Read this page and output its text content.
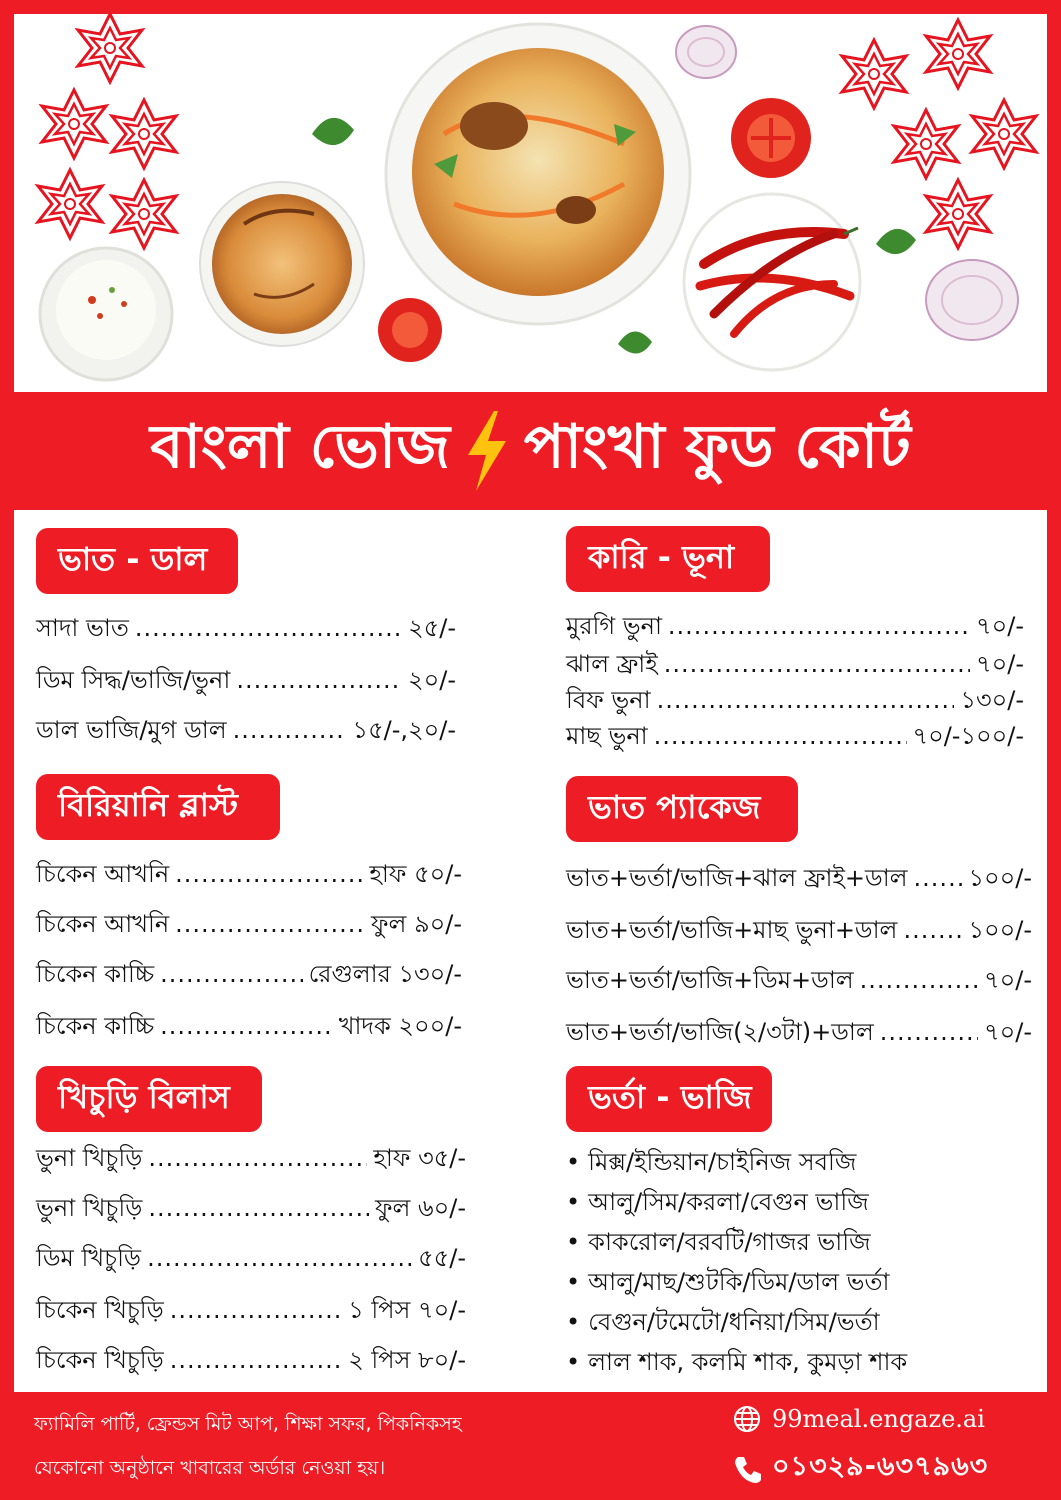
বাংলা ভোজ পাংখা ফুড কোর্ট
ভাত - ডাল
সাদা ভাত .....	২৫/-
ডিম সিদ্ধ/ভাজি/ভুনা .....	২০/-
ডাল ভাজি/মুগ ডাল .....	১৫/-,২০/-
বিরিয়ানি ব্লাস্ট
চিকেন আখনি .....	হাফ ৫০/-
চিকেন আখনি .....	ফুল ৯০/-
চিকেন কাচ্চি .....	রেগুলার ১৩০/-
চিকেন কাচ্চি .....	খাদক ২০০/-
খিচুড়ি বিলাস
ভুনা খিচুড়ি .....	হাফ ৩৫/-
ভুনা খিচুড়ি .....	ফুল ৬০/-
ডিম খিচুড়ি .....	৫৫/-
চিকেন খিচুড়ি .....	১ পিস ৭০/-
চিকেন খিচুড়ি .....	২ পিস ৮০/-
কারি - ভূনা
মুরগি ভুনা .....	৭০/-
ঝাল ফ্রাই .....	৭০/-
বিফ ভুনা .....	১৩০/-
মাছ ভুনা .....	৭০/-১০০/-
ভাত প্যাকেজ
ভাত+ভর্তা/ভাজি+ঝাল ফ্রাই+ডাল .....	১০০/-
ভাত+ভর্তা/ভাজি+মাছ ভুনা+ডাল .....	১০০/-
ভাত+ভর্তা/ভাজি+ডিম+ডাল .....	৭০/-
ভাত+ভর্তা/ভাজি(২/৩টা)+ডাল .....	৭০/-
ভর্তা - ভাজি
• মিক্স/ইন্ডিয়ান/চাইনিজ সবজি
• আলু/সিম/করলা/বেগুন ভাজি
• কাকরোল/বরবটি/গাজর ভাজি
• আলু/মাছ/শুটকি/ডিম/ডাল ভর্তা
• বেগুন/টমেটো/ধনিয়া/সিম/ভর্তা
• লাল শাক, কলমি শাক, কুমড়া শাক
ফ্যামিলি পার্টি, ফ্রেন্ডস মিট আপ, শিক্ষা সফর, পিকনিকসহ
যেকোনো অনুষ্ঠানে খাবারের অর্ডার নেওয়া হয়।
99meal.engaze.ai
০১৩২৯-৬৩৭৯৬৩
